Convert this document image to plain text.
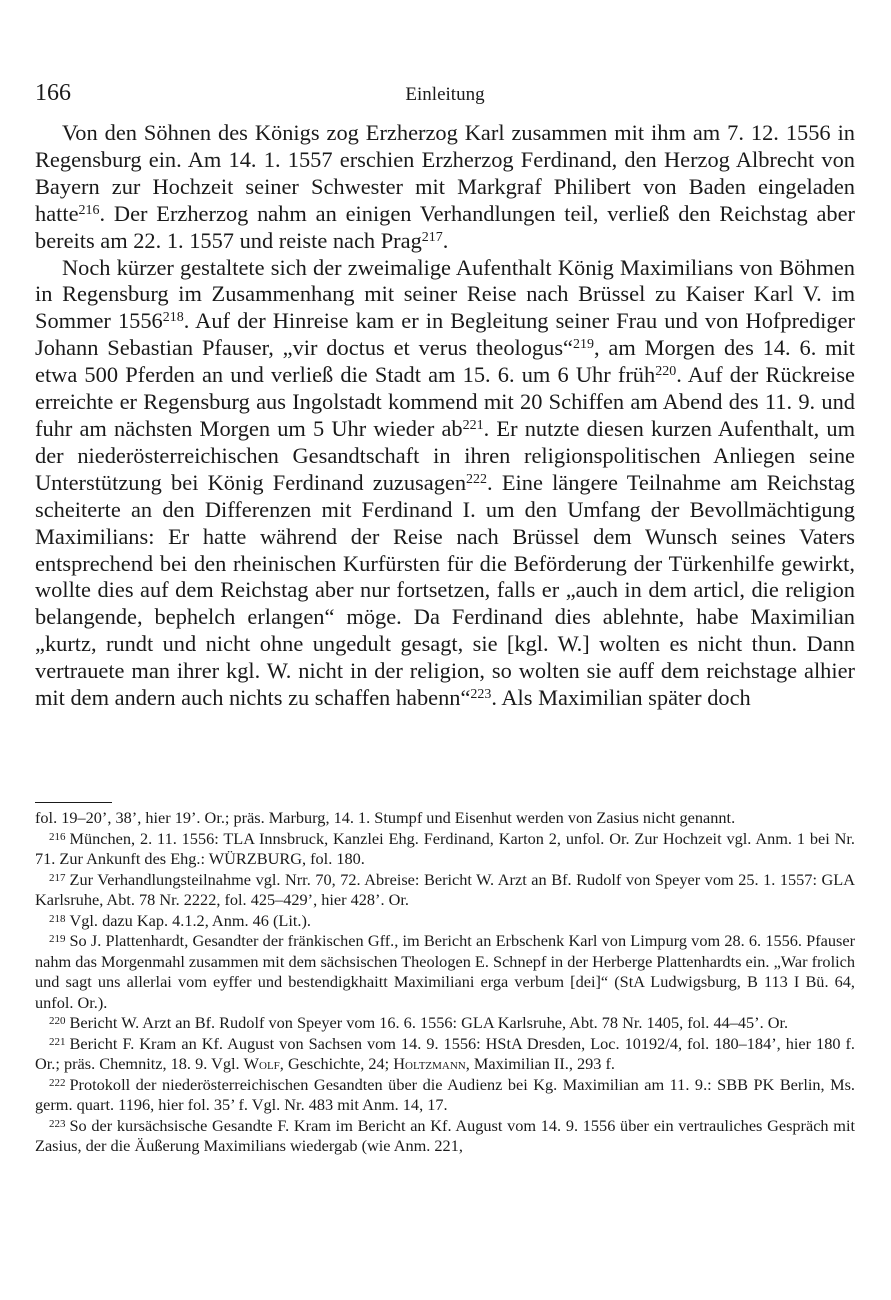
166	Einleitung

Von den Söhnen des Königs zog Erzherzog Karl zusammen mit ihm am 7. 12. 1556 in Regensburg ein. Am 14. 1. 1557 erschien Erzherzog Ferdinand, den Herzog Albrecht von Bayern zur Hochzeit seiner Schwester mit Markgraf Philibert von Baden eingeladen hatte$^{216}$. Der Erzherzog nahm an einigen Verhandlungen teil, verließ den Reichstag aber bereits am 22. 1. 1557 und reiste nach Prag$^{217}$.

Noch kürzer gestaltete sich der zweimalige Aufenthalt König Maximilians von Böhmen in Regensburg im Zusammenhang mit seiner Reise nach Brüssel zu Kaiser Karl V. im Sommer 1556$^{218}$. Auf der Hinreise kam er in Begleitung seiner Frau und von Hofprediger Johann Sebastian Pfauser, „vir doctus et verus theologus“$^{219}$, am Morgen des 14. 6. mit etwa 500 Pferden an und verließ die Stadt am 15. 6. um 6 Uhr früh$^{220}$. Auf der Rückreise erreichte er Regensburg aus Ingolstadt kommend mit 20 Schiffen am Abend des 11. 9. und fuhr am nächsten Morgen um 5 Uhr wieder $ab^{221}$. Er nutzte diesen kurzen Aufenthalt, um der niederösterreichischen Gesandtschaft in ihren religionspolitischen Anliegen seine Unterstützung bei König Ferdinand zuzusagen$^{222}$. Eine längere Teilnahme am Reichstag scheiterte an den Differenzen mit Ferdinand I. um den Umfang der Bevollmächtigung Maximilians: Er hatte während der Reise nach Brüssel dem Wunsch seines Vaters entsprechend bei den rheinischen Kurfürsten für die Beförderung der Türkenhilfe gewirkt, wollte dies auf dem Reichstag aber nur fortsetzen, falls er „auch in dem articl, die religion belangende, bephelch erlangen“ möge. Da Ferdinand dies ablehnte, habe Maximilian „kurtz, rundt und nicht ohne ungedult gesagt, sie [kgl. W.] wolten es nicht thun. Dann vertrauete man ihrer kgl. W. nicht in der religion, so wolten sie auff dem reichstage alhier mit dem andern auch nichts zu schaffen habenn“$^{223}$. Als Maximilian später doch

fol. 19–20’, 38’, hier 19’. Or.; präs. Marburg, 14. 1. Stumpf und Eisenhut werden von Zasius nicht genannt.

$^{216}$ München, 2. 11. 1556: TLA Innsbruck, Kanzlei Ehg. Ferdinand, Karton 2, unfol. Or. Zur Hochzeit vgl. Anm. 1 bei Nr. 71. Zur Ankunft des Ehg.: WÜRZBURG, fol. 180.

$^{217}$ Zur Verhandlungsteilnahme vgl. Nrr. 70, 72. Abreise: Bericht W. Arzt an Bf. Rudolf von Speyer vom 25. 1. 1557: GLA Karlsruhe, Abt. 78 Nr. 2222, fol. 425–429’, hier 428’. Or.

$^{218}$ Vgl. dazu Kap. 4.1.2, Anm. 46 (Lit.).

$^{219}$ So J. Plattenhardt, Gesandter der fränkischen Gff., im Bericht an Erbschenk Karl von Limpurg vom 28. 6. 1556. Pfauser nahm das Morgenmahl zusammen mit dem sächsischen Theologen E. Schnepf in der Herberge Plattenhardts ein. „War frolich und sagt uns allerlai vom eyffer und bestendigkhaitt Maximiliani erga verbum [dei]“ (StA Ludwigsburg, B 113 I Bü. 64, unfol. Or.).

$^{220}$ Bericht W. Arzt an Bf. Rudolf von Speyer vom 16. 6. 1556: GLA Karlsruhe, Abt. 78 Nr. 1405, fol. 44–45’. Or.

$^{221}$ Bericht F. Kram an Kf. August von Sachsen vom 14. 9. 1556: HStA Dresden, Loc. 10192/4, fol. 180–184’, hier 180 f. Or.; präs. Chemnitz, 18. 9. Vgl. Wolf, Geschichte, 24; Holtzmann, Maximilian II., 293 f.

$^{222}$ Protokoll der niederösterreichischen Gesandten über die Audienz bei Kg. Maximilian am 11. 9.: SBB PK Berlin, Ms. germ. quart. 1196, hier fol. 35’ f. Vgl. Nr. 483 mit Anm. 14, 17.

$^{223}$ So der kursächsische Gesandte F. Kram im Bericht an Kf. August vom 14. 9. 1556 über ein vertrauliches Gespräch mit Zasius, der die Äußerung Maximilians wiedergab (wie Anm. 221,
